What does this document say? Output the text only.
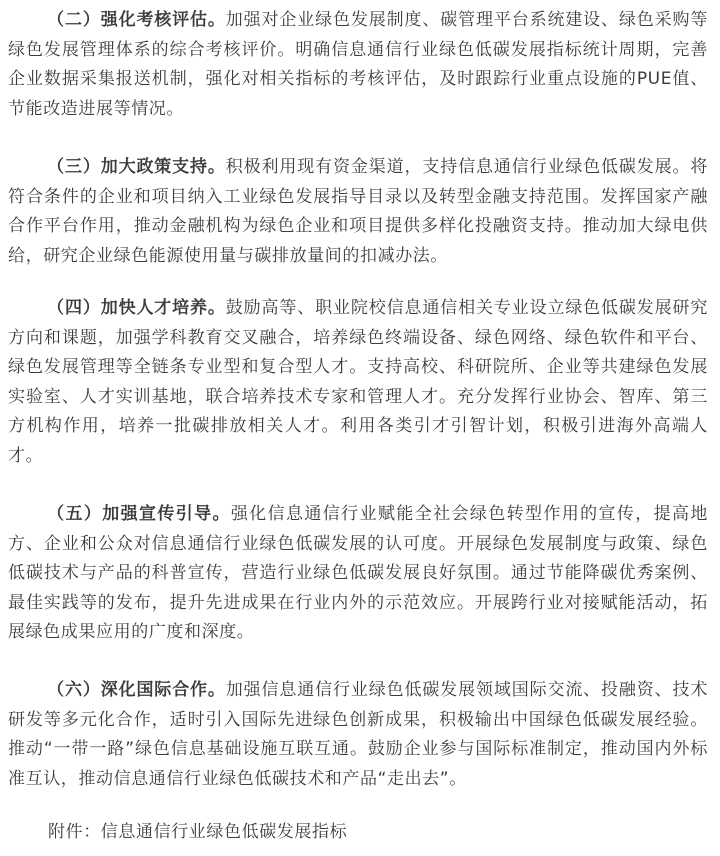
（二）强化考核评估。加强对企业绿色发展制度、碳管理平台系统建设、绿色采购等绿色发展管理体系的综合考核评价。明确信息通信行业绿色低碳发展指标统计周期，完善企业数据采集报送机制，强化对相关指标的考核评估，及时跟踪行业重点设施的PUE值、节能改造进展等情况。

（三）加大政策支持。积极利用现有资金渠道，支持信息通信行业绿色低碳发展。将符合条件的企业和项目纳入工业绿色发展指导目录以及转型金融支持范围。发挥国家产融合作平台作用，推动金融机构为绿色企业和项目提供多样化投融资支持。推动加大绿电供给，研究企业绿色能源使用量与碳排放量间的扣减办法。

（四）加快人才培养。鼓励高等、职业院校信息通信相关专业设立绿色低碳发展研究方向和课题，加强学科教育交叉融合，培养绿色终端设备、绿色网络、绿色软件和平台、绿色发展管理等全链条专业型和复合型人才。支持高校、科研院所、企业等共建绿色发展实验室、人才实训基地，联合培养技术专家和管理人才。充分发挥行业协会、智库、第三方机构作用，培养一批碳排放相关人才。利用各类引才引智计划，积极引进海外高端人才。

（五）加强宣传引导。强化信息通信行业赋能全社会绿色转型作用的宣传，提高地方、企业和公众对信息通信行业绿色低碳发展的认可度。开展绿色发展制度与政策、绿色低碳技术与产品的科普宣传，营造行业绿色低碳发展良好氛围。通过节能降碳优秀案例、最佳实践等的发布，提升先进成果在行业内外的示范效应。开展跨行业对接赋能活动，拓展绿色成果应用的广度和深度。

（六）深化国际合作。加强信息通信行业绿色低碳发展领域国际交流、投融资、技术研发等多元化合作，适时引入国际先进绿色创新成果，积极输出中国绿色低碳发展经验。推动“一带一路”绿色信息基础设施互联互通。鼓励企业参与国际标准制定，推动国内外标准互认，推动信息通信行业绿色低碳技术和产品“走出去”。

附件：信息通信行业绿色低碳发展指标
